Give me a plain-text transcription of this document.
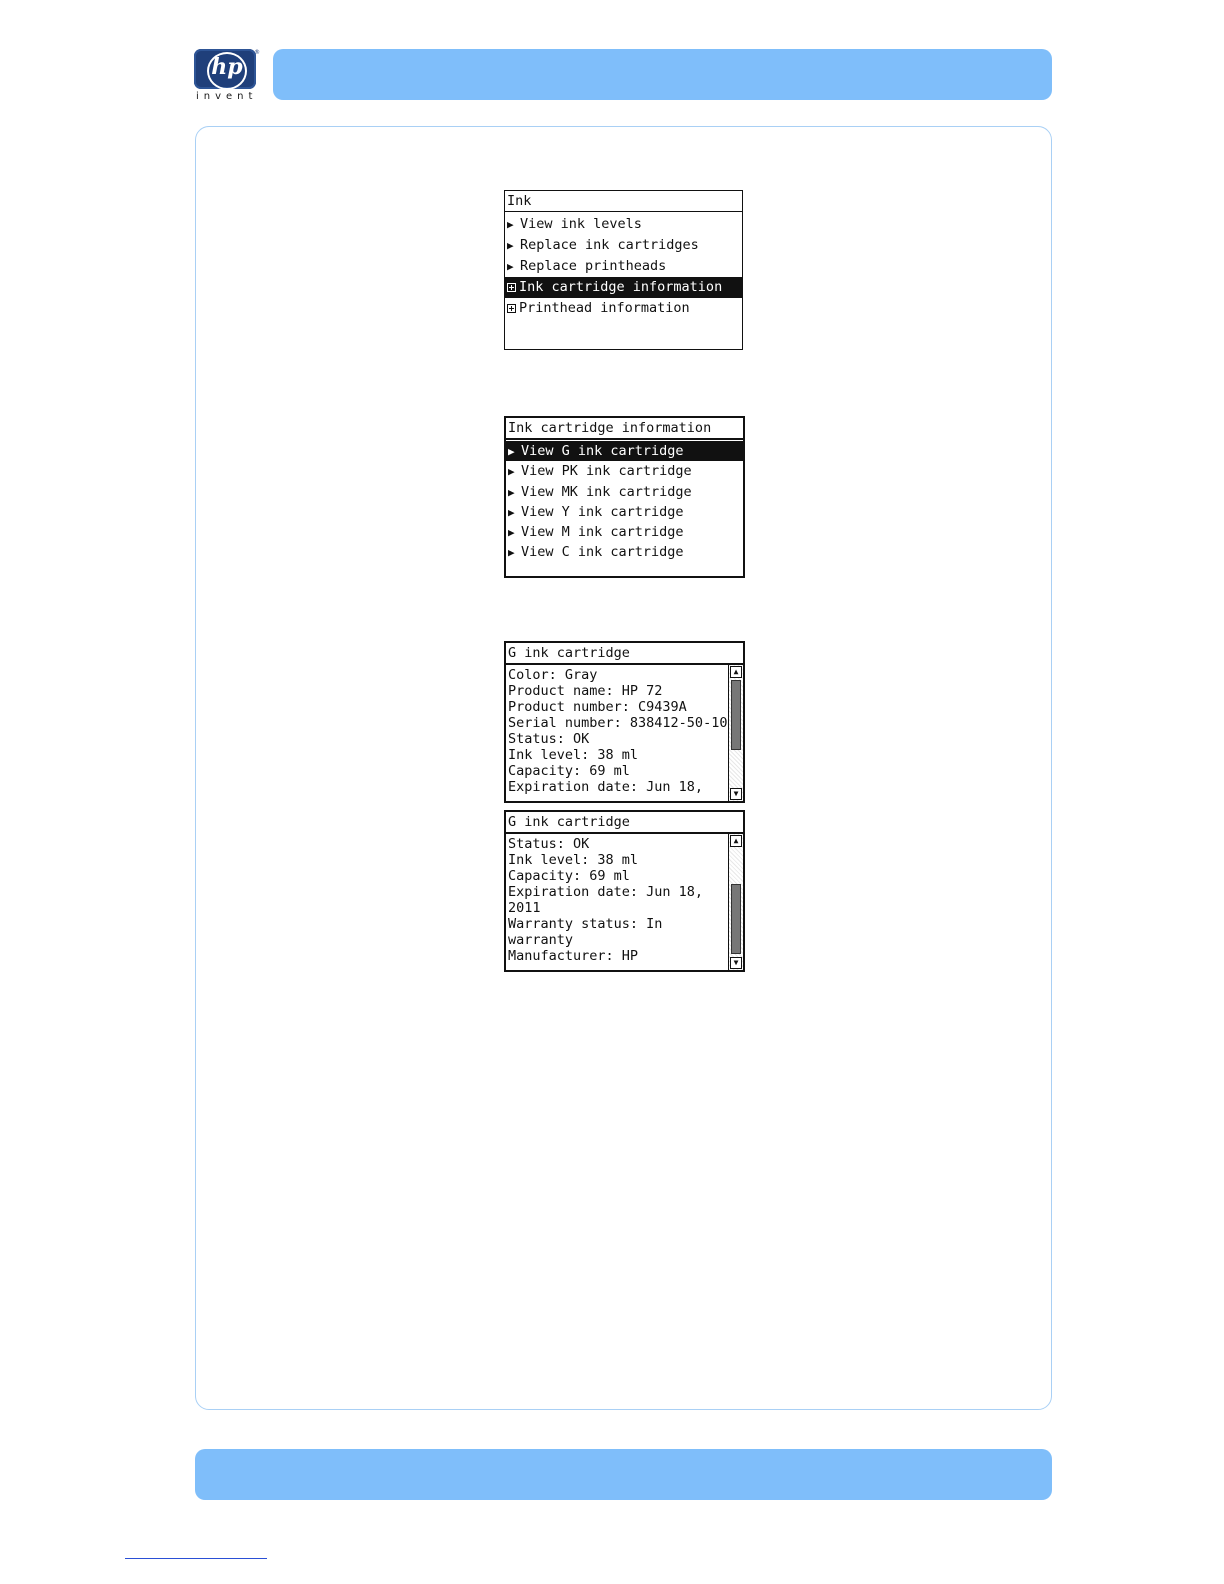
hp
®
invent
Ink
▶ View ink levels
▶ Replace ink cartridges
▶ Replace printheads
Ink cartridge information
Printhead information
Ink cartridge information
▶ View G ink cartridge
▶ View PK ink cartridge
▶ View MK ink cartridge
▶ View Y ink cartridge
▶ View M ink cartridge
▶ View C ink cartridge
G ink cartridge
Color: Gray
Product name: HP 72
Product number: C9439A
Serial number: 838412-50-10
Status: OK
Ink level: 38 ml
Capacity: 69 ml
Expiration date: Jun 18,
▲
▼
G ink cartridge
Status: OK
Ink level: 38 ml
Capacity: 69 ml
Expiration date: Jun 18,
2011
Warranty status: In
warranty
Manufacturer: HP
▲
▼
